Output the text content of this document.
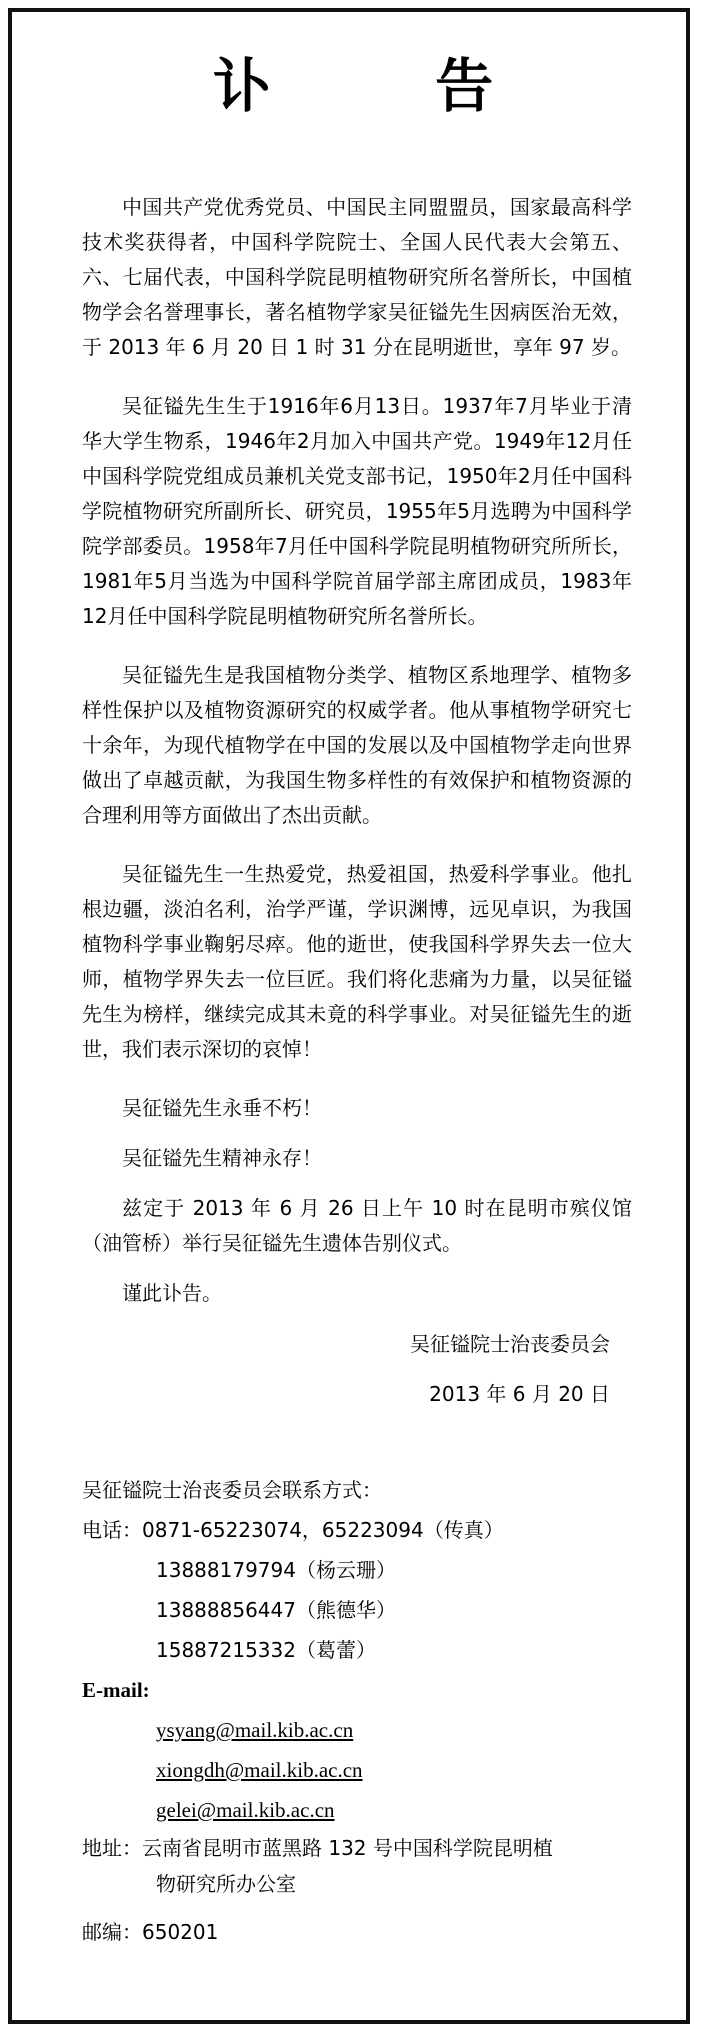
讣 告

中国共产党优秀党员、中国民主同盟盟员，国家最高科学技术奖获得者，中国科学院院士、全国人民代表大会第五、六、七届代表，中国科学院昆明植物研究所名誉所长，中国植物学会名誉理事长，著名植物学家吴征镒先生因病医治无效，于 2013 年 6 月 20 日 1 时 31 分在昆明逝世，享年 97 岁。

吴征镒先生生于1916年6月13日。1937年7月毕业于清华大学生物系，1946年2月加入中国共产党。1949年12月任中国科学院党组成员兼机关党支部书记，1950年2月任中国科学院植物研究所副所长、研究员，1955年5月选聘为中国科学院学部委员。1958年7月任中国科学院昆明植物研究所所长，1981年5月当选为中国科学院首届学部主席团成员，1983年12月任中国科学院昆明植物研究所名誉所长。

吴征镒先生是我国植物分类学、植物区系地理学、植物多样性保护以及植物资源研究的权威学者。他从事植物学研究七十余年，为现代植物学在中国的发展以及中国植物学走向世界做出了卓越贡献，为我国生物多样性的有效保护和植物资源的合理利用等方面做出了杰出贡献。

吴征镒先生一生热爱党，热爱祖国，热爱科学事业。他扎根边疆，淡泊名利，治学严谨，学识渊博，远见卓识，为我国植物科学事业鞠躬尽瘁。他的逝世，使我国科学界失去一位大师，植物学界失去一位巨匠。我们将化悲痛为力量，以吴征镒先生为榜样，继续完成其未竟的科学事业。对吴征镒先生的逝世，我们表示深切的哀悼！

吴征镒先生永垂不朽！

吴征镒先生精神永存！

兹定于 2013 年 6 月 26 日上午 10 时在昆明市殡仪馆（油管桥）举行吴征镒先生遗体告别仪式。

谨此讣告。

吴征镒院士治丧委员会
2013 年 6 月 20 日
吴征镒院士治丧委员会联系方式：
电话：0871-65223074，65223094（传真）
13888179794（杨云珊）
13888856447（熊德华）
15887215332（葛蕾）
E-mail:
ysyang@mail.kib.ac.cn
xiongdh@mail.kib.ac.cn
gelei@mail.kib.ac.cn
地址：云南省昆明市蓝黑路 132 号中国科学院昆明植
物研究所办公室
邮编：650201
